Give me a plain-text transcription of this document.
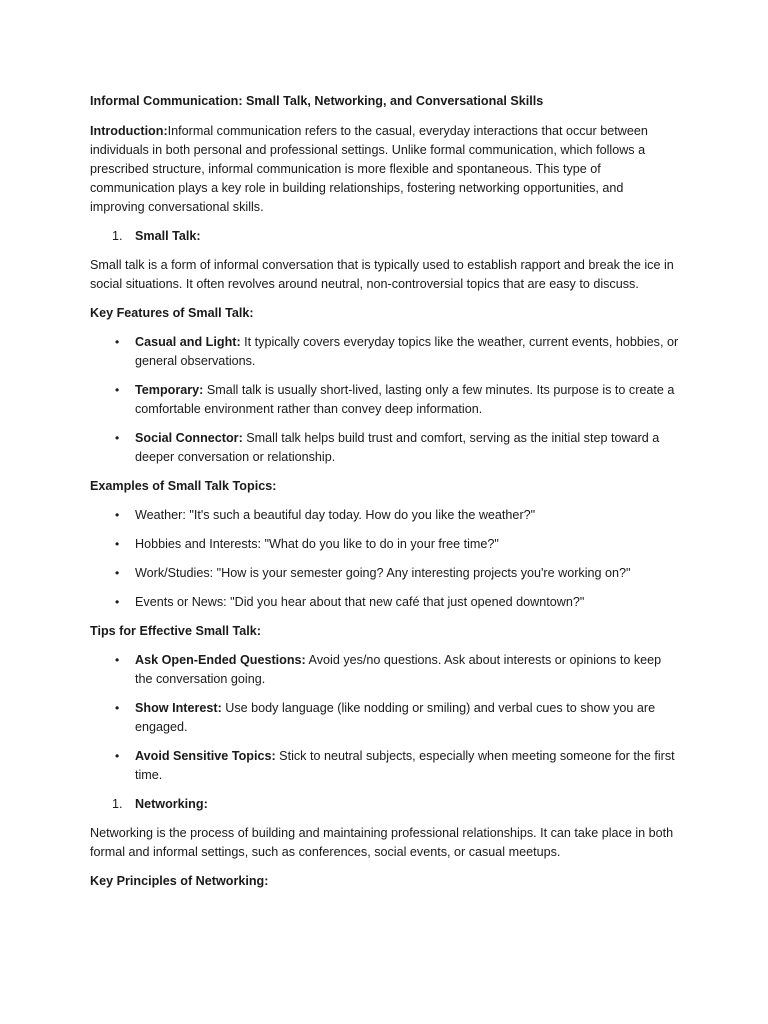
Informal Communication: Small Talk, Networking, and Conversational Skills

Introduction:Informal communication refers to the casual, everyday interactions that occur between individuals in both personal and professional settings. Unlike formal communication, which follows a prescribed structure, informal communication is more flexible and spontaneous. This type of communication plays a key role in building relationships, fostering networking opportunities, and improving conversational skills.

1. Small Talk:

Small talk is a form of informal conversation that is typically used to establish rapport and break the ice in social situations. It often revolves around neutral, non-controversial topics that are easy to discuss.

Key Features of Small Talk:

•	Casual and Light: It typically covers everyday topics like the weather, current events, hobbies, or general observations.
•	Temporary: Small talk is usually short-lived, lasting only a few minutes. Its purpose is to create a comfortable environment rather than convey deep information.
•	Social Connector: Small talk helps build trust and comfort, serving as the initial step toward a deeper conversation or relationship.

Examples of Small Talk Topics:

•	Weather: "It's such a beautiful day today. How do you like the weather?"
•	Hobbies and Interests: "What do you like to do in your free time?"
•	Work/Studies: "How is your semester going? Any interesting projects you're working on?"
•	Events or News: "Did you hear about that new café that just opened downtown?"

Tips for Effective Small Talk:

•	Ask Open-Ended Questions: Avoid yes/no questions. Ask about interests or opinions to keep the conversation going.
•	Show Interest: Use body language (like nodding or smiling) and verbal cues to show you are engaged.
•	Avoid Sensitive Topics: Stick to neutral subjects, especially when meeting someone for the first time.
1. Networking:

Networking is the process of building and maintaining professional relationships. It can take place in both formal and informal settings, such as conferences, social events, or casual meetups.

Key Principles of Networking:
